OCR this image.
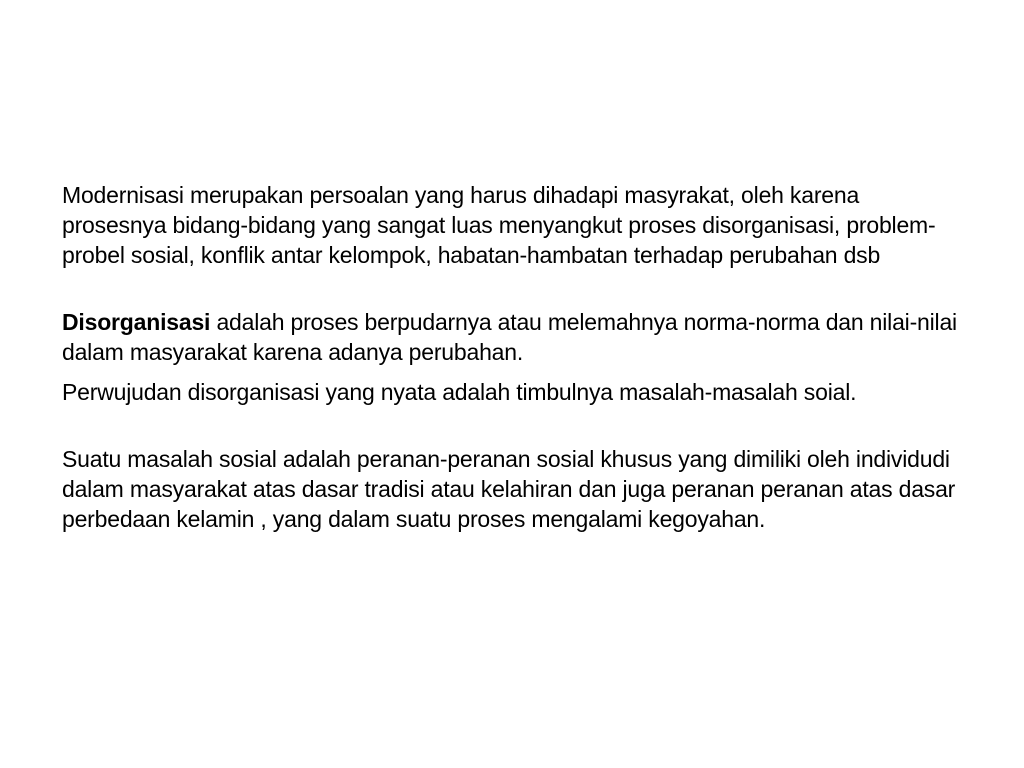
Modernisasi merupakan persoalan yang harus dihadapi masyrakat, oleh karena prosesnya bidang-bidang yang sangat luas menyangkut proses disorganisasi, problem-probel sosial, konflik antar kelompok, habatan-hambatan terhadap perubahan dsb

Disorganisasi adalah proses berpudarnya atau melemahnya norma-norma dan nilai-nilai dalam masyarakat karena adanya perubahan.

Perwujudan disorganisasi yang nyata adalah timbulnya masalah-masalah soial.

Suatu masalah sosial adalah peranan-peranan sosial khusus yang dimiliki oleh individudi dalam masyarakat atas dasar tradisi atau kelahiran dan juga peranan peranan atas dasar perbedaan kelamin , yang dalam suatu proses mengalami kegoyahan.
